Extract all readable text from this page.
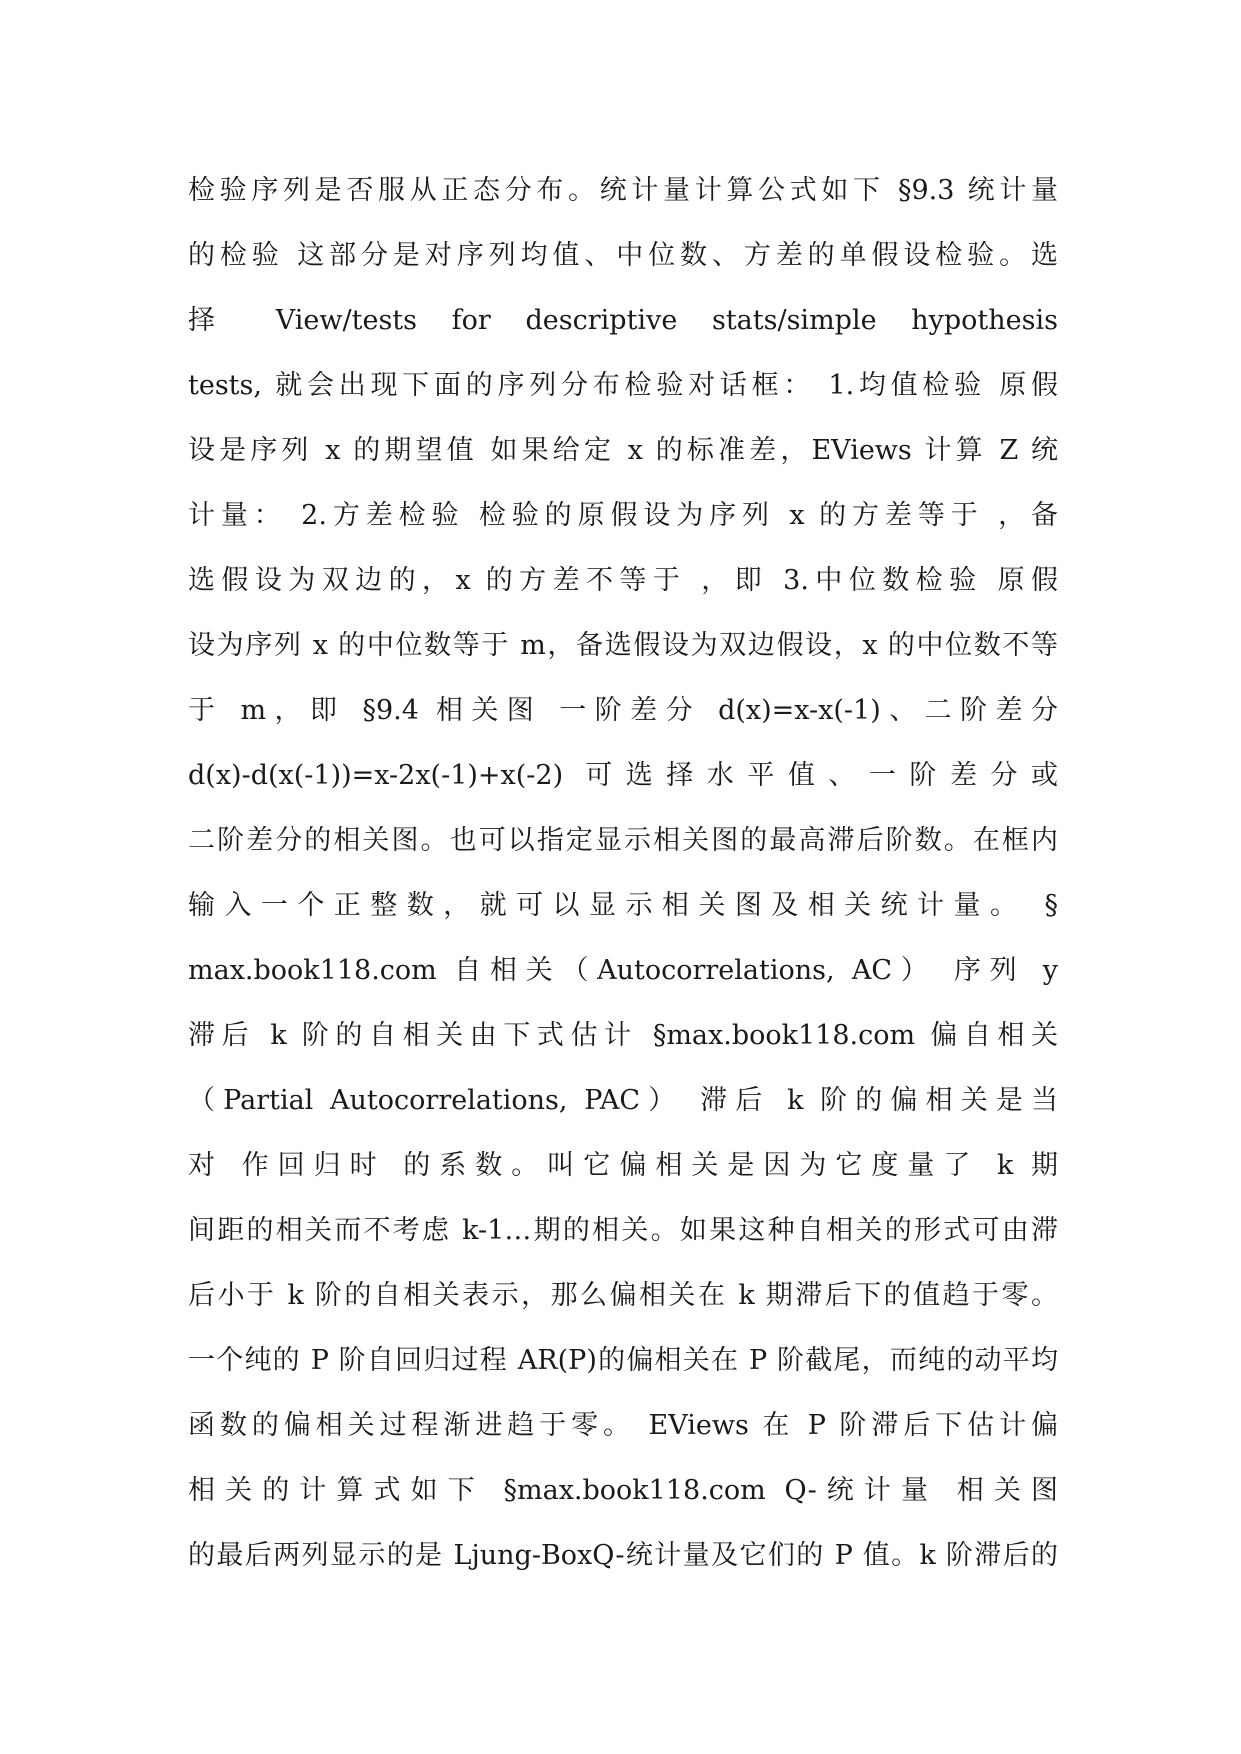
检验序列是否服从正态分布。统计量计算公式如下 §9.3 统计量
的检验 这部分是对序列均值、中位数、方差的单假设检验。选
择 View/tests for descriptive stats/simple hypothesis
tests, 就会出现下面的序列分布检验对话框： 1.均值检验 原假
设是序列 x 的期望值 如果给定 x 的标准差，EViews 计算 Z 统
计量： 2.方差检验 检验的原假设为序列 x 的方差等于 ，备
选假设为双边的，x 的方差不等于 ，即 3.中位数检验 原假
设为序列 x 的中位数等于 m，备选假设为双边假设，x 的中位数不等
于 m，即 §9.4 相关图 一阶差分 d(x)=x-x(-1)、二阶差分
d(x)-d(x(-1))=x-2x(-1)+x(-2) 可选择水平值、一阶差分或
二阶差分的相关图。也可以指定显示相关图的最高滞后阶数。在框内
输入一个正整数，就可以显示相关图及相关统计量。 §
max.book118.com 自相关（Autocorrelations, AC） 序列 y
滞后 k 阶的自相关由下式估计 §max.book118.com 偏自相关
（Partial Autocorrelations, PAC） 滞后 k 阶的偏相关是当
对 作回归时 的系数。叫它偏相关是因为它度量了 k 期
间距的相关而不考虑 k-1…期的相关。如果这种自相关的形式可由滞
后小于 k 阶的自相关表示，那么偏相关在 k 期滞后下的值趋于零。
一个纯的 P 阶自回归过程 AR(P)的偏相关在 P 阶截尾，而纯的动平均
函数的偏相关过程渐进趋于零。 EViews 在 P 阶滞后下估计偏
相关的计算式如下 §max.book118.com Q-统计量 相关图
的最后两列显示的是 Ljung-BoxQ-统计量及它们的 P 值。k 阶滞后的
